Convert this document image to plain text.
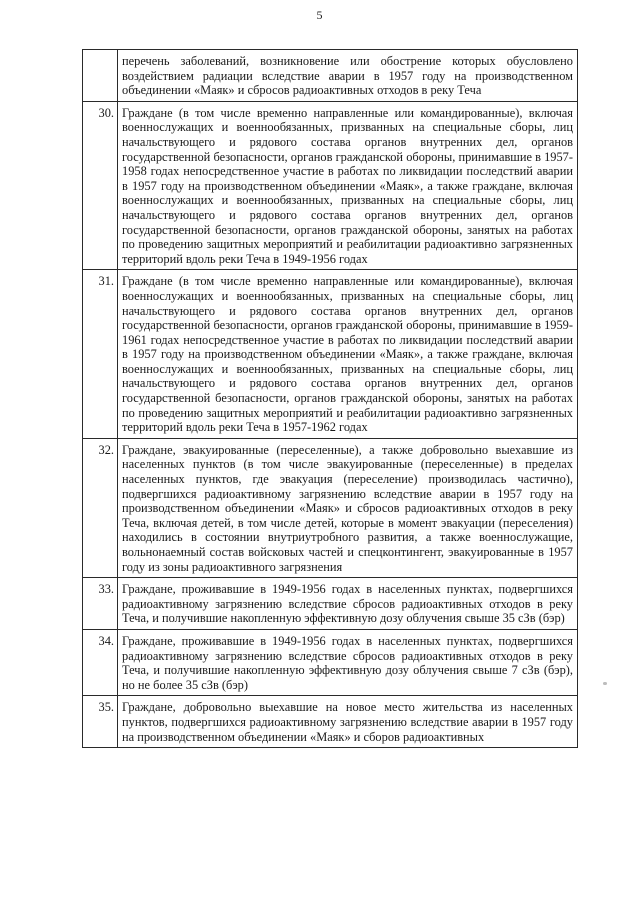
5
	перечень заболеваний, возникновение или обострение которых обусловлено воздействием радиации вследствие аварии в 1957 году на производственном объединении «Маяк» и сбросов радиоактивных отходов в реку Теча
30.	Граждане (в том числе временно направленные или командированные), включая военнослужащих и военнообязанных, призванных на специальные сборы, лиц начальствующего и рядового состава органов внутренних дел, органов государственной безопасности, органов гражданской обороны, принимавшие в 1957-1958 годах непосредственное участие в работах по ликвидации последствий аварии в 1957 году на производственном объединении «Маяк», а также граждане, включая военнослужащих и военнообязанных, призванных на специальные сборы, лиц начальствующего и рядового состава органов внутренних дел, органов государственной безопасности, органов гражданской обороны, занятых на работах по проведению защитных мероприятий и реабилитации радиоактивно загрязненных территорий вдоль реки Теча в 1949-1956 годах
31.	Граждане (в том числе временно направленные или командированные), включая военнослужащих и военнообязанных, призванных на специальные сборы, лиц начальствующего и рядового состава органов внутренних дел, органов государственной безопасности, органов гражданской обороны, принимавшие в 1959-1961 годах непосредственное участие в работах по ликвидации последствий аварии в 1957 году на производственном объединении «Маяк», а также граждане, включая военнослужащих и военнообязанных, призванных на специальные сборы, лиц начальствующего и рядового состава органов внутренних дел, органов государственной безопасности, органов гражданской обороны, занятых на работах по проведению защитных мероприятий и реабилитации радиоактивно загрязненных территорий вдоль реки Теча в 1957-1962 годах
32.	Граждане, эвакуированные (переселенные), а также добровольно выехавшие из населенных пунктов (в том числе эвакуированные (переселенные) в пределах населенных пунктов, где эвакуация (переселение) производилась частично), подвергшихся радиоактивному загрязнению вследствие аварии в 1957 году на производственном объединении «Маяк» и сбросов радиоактивных отходов в реку Теча, включая детей, в том числе детей, которые в момент эвакуации (переселения) находились в состоянии внутриутробного развития, а также военнослужащие, вольнонаемный состав войсковых частей и спецконтингент, эвакуированные в 1957 году из зоны радиоактивного загрязнения
33.	Граждане, проживавшие в 1949-1956 годах в населенных пунктах, подвергшихся радиоактивному загрязнению вследствие сбросов радиоактивных отходов в реку Теча, и получившие накопленную эффективную дозу облучения свыше 35 сЗв (бэр)
34.	Граждане, проживавшие в 1949-1956 годах в населенных пунктах, подвергшихся радиоактивному загрязнению вследствие сбросов радиоактивных отходов в реку Теча, и получившие накопленную эффективную дозу облучения свыше 7 сЗв (бэр), но не более 35 сЗв (бэр)
35.	Граждане, добровольно выехавшие на новое место жительства из населенных пунктов, подвергшихся радиоактивному загрязнению вследствие аварии в 1957 году на производственном объединении «Маяк» и сборов радиоактивных
